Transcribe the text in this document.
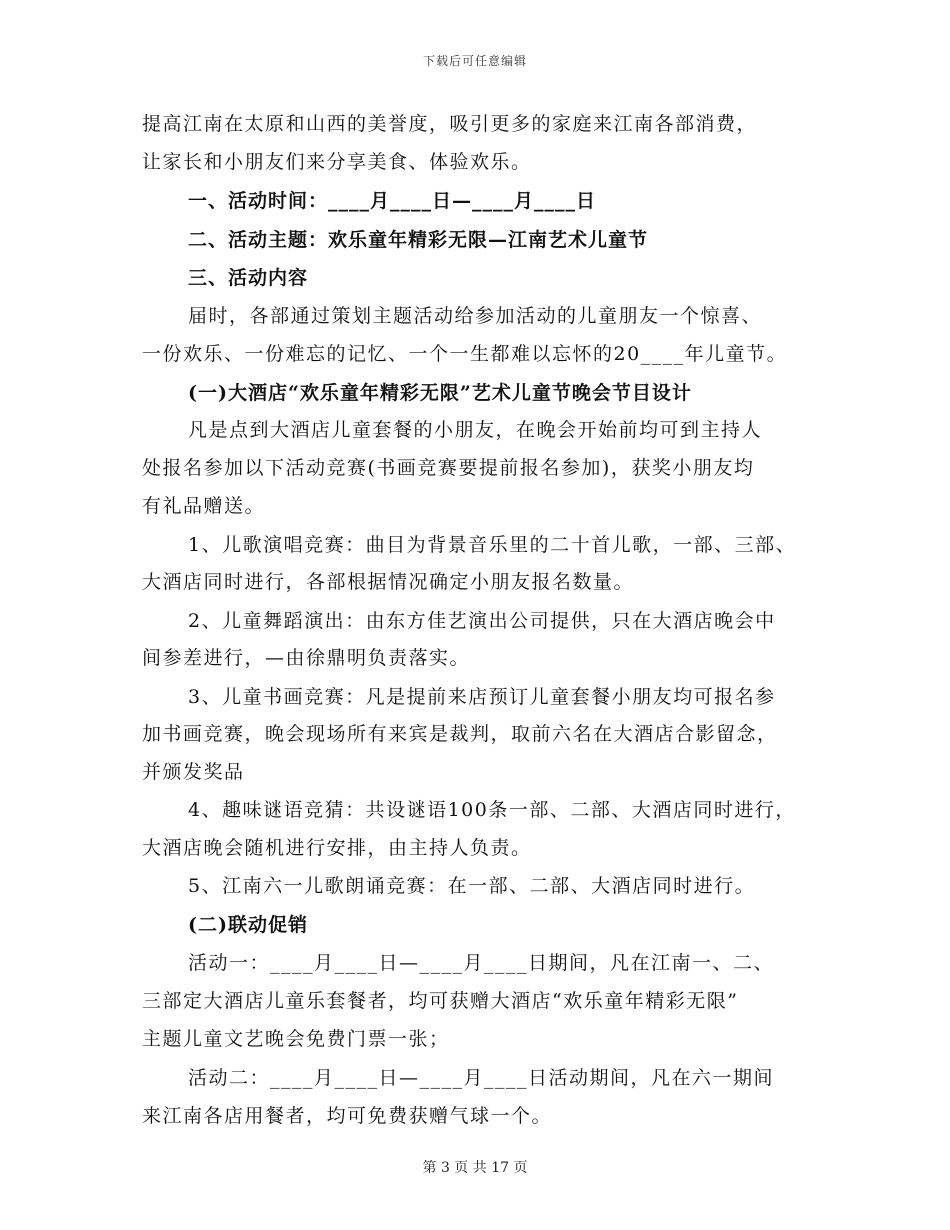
下载后可任意编辑
提高江南在太原和山西的美誉度，吸引更多的家庭来江南各部消费，
让家长和小朋友们来分享美食、体验欢乐。
一、活动时间：____月____日—____月____日
二、活动主题：欢乐童年精彩无限—江南艺术儿童节
三、活动内容
届时，各部通过策划主题活动给参加活动的儿童朋友一个惊喜、
一份欢乐、一份难忘的记忆、一个一生都难以忘怀的20____年儿童节。
(一)大酒店“欢乐童年精彩无限”艺术儿童节晚会节目设计
凡是点到大酒店儿童套餐的小朋友，在晚会开始前均可到主持人
处报名参加以下活动竞赛(书画竞赛要提前报名参加)，获奖小朋友均
有礼品赠送。
1、儿歌演唱竞赛：曲目为背景音乐里的二十首儿歌，一部、三部、
大酒店同时进行，各部根据情况确定小朋友报名数量。
2、儿童舞蹈演出：由东方佳艺演出公司提供，只在大酒店晚会中
间参差进行，—由徐鼎明负责落实。
3、儿童书画竞赛：凡是提前来店预订儿童套餐小朋友均可报名参
加书画竞赛，晚会现场所有来宾是裁判，取前六名在大酒店合影留念，
并颁发奖品
4、趣味谜语竞猜：共设谜语100条一部、二部、大酒店同时进行，
大酒店晚会随机进行安排，由主持人负责。
5、江南六一儿歌朗诵竞赛：在一部、二部、大酒店同时进行。
(二)联动促销
活动一：____月____日—____月____日期间，凡在江南一、二、
三部定大酒店儿童乐套餐者，均可获赠大酒店“欢乐童年精彩无限”
主题儿童文艺晚会免费门票一张；
活动二：____月____日—____月____日活动期间，凡在六一期间
来江南各店用餐者，均可免费获赠气球一个。
第 3 页 共 17 页
